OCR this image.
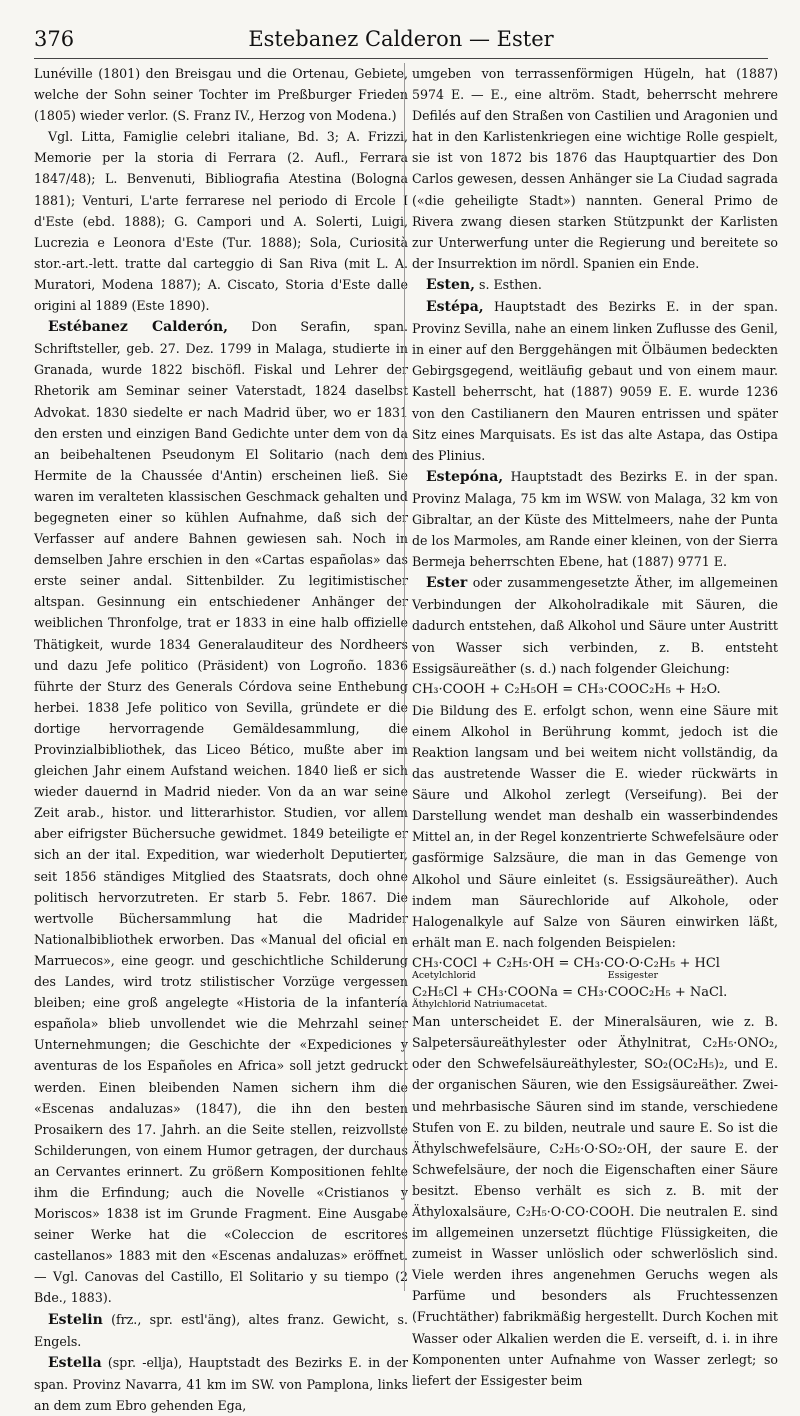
376	Estebanez Calderon — Ester

Lunéville (1801) den Breisgau und die Ortenau, Gebiete, welche der Sohn seiner Tochter im Preßburger Frieden (1805) wieder verlor. (S. Franz IV., Herzog von Modena.)

Vgl. Litta, Famiglie celebri italiane, Bd. 3; A. Frizzi, Memorie per la storia di Ferrara (2. Aufl., Ferrara 1847/48); L. Benvenuti, Bibliografia Atestina (Bologna 1881); Venturi, L'arte ferrarese nel periodo di Ercole I d'Este (ebd. 1888); G. Campori und A. Solerti, Luigi, Lucrezia e Leonora d'Este (Tur. 1888); Sola, Curiosità stor.-art.-lett. tratte dal carteggio di San Riva (mit L. A. Muratori, Modena 1887); A. Ciscato, Storia d'Este dalle origini al 1889 (Este 1890).

Estébanez Calderón, Don Serafin, span. Schriftsteller, geb. 27. Dez. 1799 in Malaga, studierte in Granada, wurde 1822 bischöfl. Fiskal und Lehrer der Rhetorik am Seminar seiner Vaterstadt, 1824 daselbst Advokat. 1830 siedelte er nach Madrid über, wo er 1831 den ersten und einzigen Band Gedichte unter dem von da an beibehaltenen Pseudonym El Solitario (nach dem Hermite de la Chaussée d'Antin) erscheinen ließ. Sie waren im veralteten klassischen Geschmack gehalten und begegneten einer so kühlen Aufnahme, daß sich der Verfasser auf andere Bahnen gewiesen sah. Noch in demselben Jahre erschien in den «Cartas españolas» das erste seiner andal. Sittenbilder. Zu legitimistischer altspan. Gesinnung ein entschiedener Anhänger der weiblichen Thronfolge, trat er 1833 in eine halb offizielle Thätigkeit, wurde 1834 Generalauditeur des Nordheers und dazu Jefe politico (Präsident) von Logroño. 1836 führte der Sturz des Generals Córdova seine Enthebung herbei. 1838 Jefe politico von Sevilla, gründete er die dortige hervorragende Gemäldesammlung, die Provinzialbibliothek, das Liceo Bético, mußte aber im gleichen Jahr einem Aufstand weichen. 1840 ließ er sich wieder dauernd in Madrid nieder. Von da an war seine Zeit arab., histor. und litterarhistor. Studien, vor allem aber eifrigster Büchersuche gewidmet. 1849 beteiligte er sich an der ital. Expedition, war wiederholt Deputierter, seit 1856 ständiges Mitglied des Staatsrats, doch ohne politisch hervorzutreten. Er starb 5. Febr. 1867. Die wertvolle Büchersammlung hat die Madrider Nationalbibliothek erworben. Das «Manual del oficial en Marruecos», eine geogr. und geschichtliche Schilderung des Landes, wird trotz stilistischer Vorzüge vergessen bleiben; eine groß angelegte «Historia de la infantería española» blieb unvollendet wie die Mehrzahl seiner Unternehmungen; die Geschichte der «Expediciones y aventuras de los Españoles en Africa» soll jetzt gedruckt werden. Einen bleibenden Namen sichern ihm die «Escenas andaluzas» (1847), die ihn den besten Prosaikern des 17. Jahrh. an die Seite stellen, reizvollste Schilderungen, von einem Humor getragen, der durchaus an Cervantes erinnert. Zu größern Kompositionen fehlte ihm die Erfindung; auch die Novelle «Cristianos y Moriscos» 1838 ist im Grunde Fragment. Eine Ausgabe seiner Werke hat die «Coleccion de escritores castellanos» 1883 mit den «Escenas andaluzas» eröffnet. — Vgl. Canovas del Castillo, El Solitario y su tiempo (2 Bde., 1883).

Estelin (frz., spr. estl'äng), altes franz. Gewicht, s. Engels.

Estella (spr. -ellja), Hauptstadt des Bezirks E. in der span. Provinz Navarra, 41 km im SW. von Pamplona, links an dem zum Ebro gehenden Ega,

umgeben von terrassenförmigen Hügeln, hat (1887) 5974 E. — E., eine altröm. Stadt, beherrscht mehrere Defilés auf den Straßen von Castilien und Aragonien und hat in den Karlistenkriegen eine wichtige Rolle gespielt, sie ist von 1872 bis 1876 das Hauptquartier des Don Carlos gewesen, dessen Anhänger sie La Ciudad sagrada («die geheiligte Stadt») nannten. General Primo de Rivera zwang diesen starken Stützpunkt der Karlisten zur Unterwerfung unter die Regierung und bereitete so der Insurrektion im nördl. Spanien ein Ende.

Esten, s. Esthen.

Estépa, Hauptstadt des Bezirks E. in der span. Provinz Sevilla, nahe an einem linken Zuflusse des Genil, in einer auf den Berggehängen mit Ölbäumen bedeckten Gebirgsgegend, weitläufig gebaut und von einem maur. Kastell beherrscht, hat (1887) 9059 E. E. wurde 1236 von den Castilianern den Mauren entrissen und später Sitz eines Marquisats. Es ist das alte Astapa, das Ostipa des Plinius.

Estepóna, Hauptstadt des Bezirks E. in der span. Provinz Malaga, 75 km im WSW. von Malaga, 32 km von Gibraltar, an der Küste des Mittelmeers, nahe der Punta de los Marmoles, am Rande einer kleinen, von der Sierra Bermeja beherrschten Ebene, hat (1887) 9771 E.

Ester oder zusammengesetzte Äther, im allgemeinen Verbindungen der Alkoholradikale mit Säuren, die dadurch entstehen, daß Alkohol und Säure unter Austritt von Wasser sich verbinden, z. B. entsteht Essigsäureäther (s. d.) nach folgender Gleichung:

CH₃·COOH + C₂H₅OH = CH₃·COOC₂H₅ + H₂O.

Die Bildung des E. erfolgt schon, wenn eine Säure mit einem Alkohol in Berührung kommt, jedoch ist die Reaktion langsam und bei weitem nicht vollständig, da das austretende Wasser die E. wieder rückwärts in Säure und Alkohol zerlegt (Verseifung). Bei der Darstellung wendet man deshalb ein wasserbindendes Mittel an, in der Regel konzentrierte Schwefelsäure oder gasförmige Salzsäure, die man in das Gemenge von Alkohol und Säure einleitet (s. Essigsäureäther). Auch indem man Säurechloride auf Alkohole, oder Halogenalkyle auf Salze von Säuren einwirken läßt, erhält man E. nach folgenden Beispielen:

CH₃·COCl + C₂H₅·OH = CH₃·CO·O·C₂H₅ + HCl

Acetylchlorid	Essigester

C₂H₅Cl + CH₃·COONa = CH₃·COOC₂H₅ + NaCl.

Äthylchlorid Natriumacetat.

Man unterscheidet E. der Mineralsäuren, wie z. B. Salpetersäureäthylester oder Äthylnitrat, C₂H₅·ONO₂, oder den Schwefelsäureäthylester, SO₂(OC₂H₅)₂, und E. der organischen Säuren, wie den Essigsäureäther. Zwei- und mehrbasische Säuren sind im stande, verschiedene Stufen von E. zu bilden, neutrale und saure E. So ist die Äthylschwefelsäure, C₂H₅·O·SO₂·OH, der saure E. der Schwefelsäure, der noch die Eigenschaften einer Säure besitzt. Ebenso verhält es sich z. B. mit der Äthyloxalsäure, C₂H₅·O·CO·COOH. Die neutralen E. sind im allgemeinen unzersetzt flüchtige Flüssigkeiten, die zumeist in Wasser unlöslich oder schwerlöslich sind. Viele werden ihres angenehmen Geruchs wegen als Parfüme und besonders als Fruchtessenzen (Fruchtäther) fabrikmäßig hergestellt. Durch Kochen mit Wasser oder Alkalien werden die E. verseift, d. i. in ihre Komponenten unter Aufnahme von Wasser zerlegt; so liefert der Essigester beim
